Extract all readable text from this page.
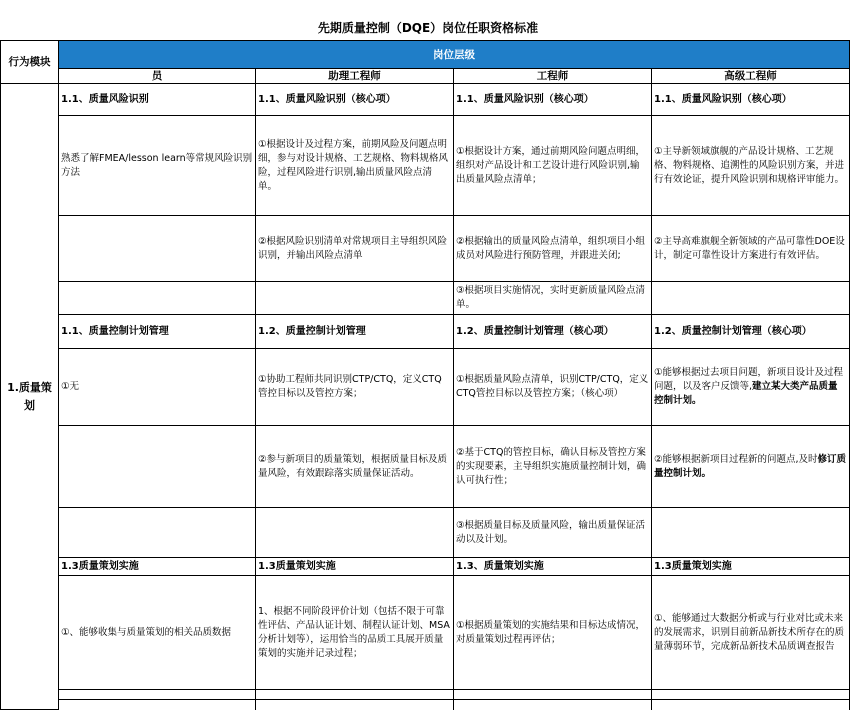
先期质量控制（DQE）岗位任职资格标准
行为模块	岗位层级			
	员	助理工程师	工程师	高级工程师
1.质量策划	1.1、质量风险识别	1.1、质量风险识别（核心项）	1.1、质量风险识别（核心项）	1.1、质量风险识别（核心项）
	熟悉了解FMEA/lesson learn等常规风险识别方法	①根据设计及过程方案，前期风险及问题点明细，参与对设计规格、工艺规格、物料规格风险，过程风险进行识别,输出质量风险点清单。	①根据设计方案，通过前期风险问题点明细，组织对产品设计和工艺设计进行风险识别,输出质量风险点清单；	①主导新领域旗舰的产品设计规格、工艺规格、物料规格、追溯性的风险识别方案，并进行有效论证，提升风险识别和规格评审能力。
		②根据风险识别清单对常规项目主导组织风险识别，并输出风险点清单	②根据输出的质量风险点清单，组织项目小组成员对风险进行预防管理，并跟进关闭;	②主导高难旗舰全新领域的产品可靠性DOE设计，制定可靠性设计方案进行有效评估。
			③根据项目实施情况，实时更新质量风险点清单。	
	1.1、质量控制计划管理	1.2、质量控制计划管理	1.2、质量控制计划管理（核心项）	1.2、质量控制计划管理（核心项）
	①无	①协助工程师共同识别CTP/CTQ，定义CTQ管控目标以及管控方案；	①根据质量风险点清单，识别CTP/CTQ，定义CTQ管控目标以及管控方案；（核心项）	①能够根据过去项目问题，新项目设计及过程问题，以及客户反馈等,建立某大类产品质量控制计划。
		②参与新项目的质量策划，根据质量目标及质量风险，有效跟踪落实质量保证活动。	②基于CTQ的管控目标，确认目标及管控方案的实现要素，主导组织实施质量控制计划，确认可执行性；	②能够根据新项目过程新的问题点,及时修订质量控制计划。
			③根据质量目标及质量风险，输出质量保证活动以及计划。	
	1.3质量策划实施	1.3质量策划实施	1.3、质量策划实施	1.3质量策划实施
	①、能够收集与质量策划的相关品质数据	1、根据不同阶段评价计划（包括不限于可靠性评估、产品认证计划、制程认证计划、MSA分析计划等），运用恰当的品质工具展开质量策划的实施并记录过程；	①根据质量策划的实施结果和目标达成情况，对质量策划过程再评估；	①、能够通过大数据分析或与行业对比或未来的发展需求，识别目前新品新技术所存在的质量薄弱环节，完成新品新技术品质调查报告
